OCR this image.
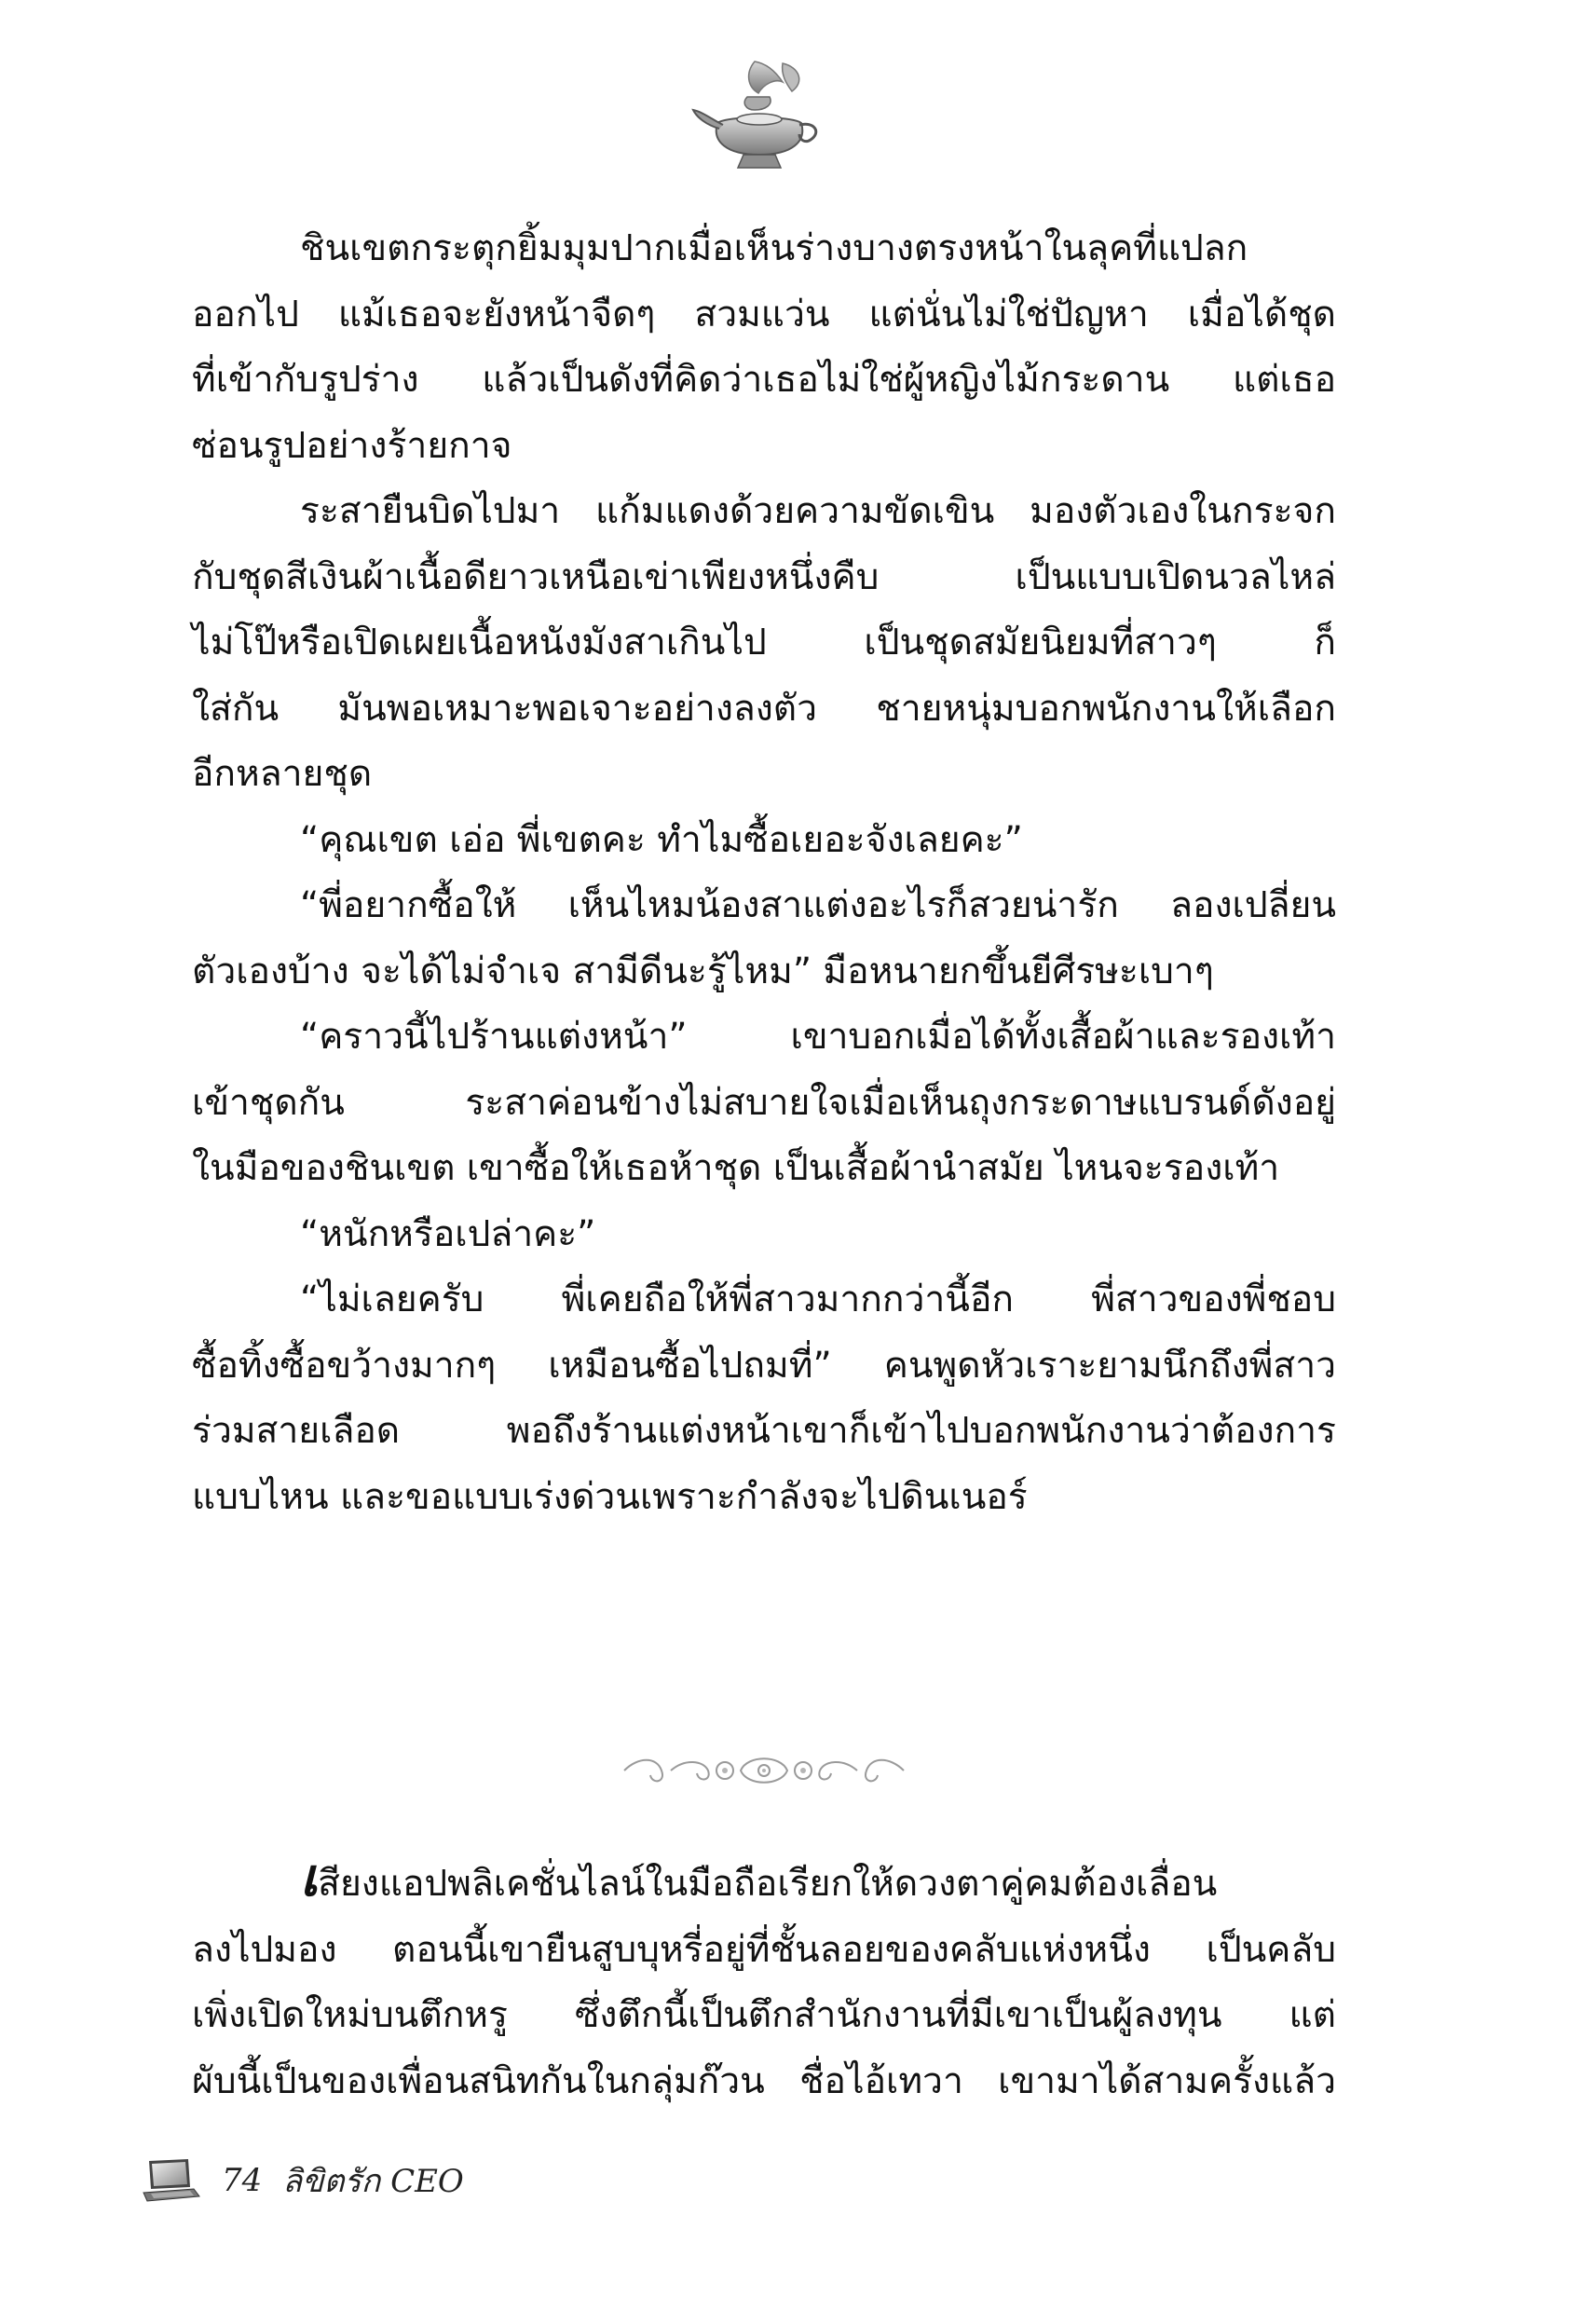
ชินเขตกระตุกยิ้มมุมปากเมื่อเห็นร่างบางตรงหน้าในลุคที่แปลก

ออกไป แม้เธอจะยังหน้าจืดๆ สวมแว่น แต่นั่นไม่ใช่ปัญหา เมื่อได้ชุด

ที่เข้ากับรูปร่าง แล้วเป็นดังที่คิดว่าเธอไม่ใช่ผู้หญิงไม้กระดาน แต่เธอ

ซ่อนรูปอย่างร้ายกาจ

ระสายืนบิดไปมา แก้มแดงด้วยความขัดเขิน มองตัวเองในกระจก

กับชุดสีเงินผ้าเนื้อดียาวเหนือเข่าเพียงหนึ่งคืบ เป็นแบบเปิดนวลไหล่

ไม่โป๊หรือเปิดเผยเนื้อหนังมังสาเกินไป เป็นชุดสมัยนิยมที่สาวๆ ก็

ใส่กัน มันพอเหมาะพอเจาะอย่างลงตัว ชายหนุ่มบอกพนักงานให้เลือก

อีกหลายชุด

“คุณเขต เอ่อ พี่เขตคะ ทำไมซื้อเยอะจังเลยคะ”

“พี่อยากซื้อให้ เห็นไหมน้องสาแต่งอะไรก็สวยน่ารัก ลองเปลี่ยน

ตัวเองบ้าง จะได้ไม่จำเจ สามีดีนะรู้ไหม” มือหนายกขึ้นยีศีรษะเบาๆ

“คราวนี้ไปร้านแต่งหน้า” เขาบอกเมื่อได้ทั้งเสื้อผ้าและรองเท้า

เข้าชุดกัน ระสาค่อนข้างไม่สบายใจเมื่อเห็นถุงกระดาษแบรนด์ดังอยู่

ในมือของชินเขต เขาซื้อให้เธอห้าชุด เป็นเสื้อผ้านำสมัย ไหนจะรองเท้า

“หนักหรือเปล่าคะ”

“ไม่เลยครับ พี่เคยถือให้พี่สาวมากกว่านี้อีก พี่สาวของพี่ชอบ

ซื้อทิ้งซื้อขว้างมากๆ เหมือนซื้อไปถมที่” คนพูดหัวเราะยามนึกถึงพี่สาว

ร่วมสายเลือด พอถึงร้านแต่งหน้าเขาก็เข้าไปบอกพนักงานว่าต้องการ

แบบไหน และขอแบบเร่งด่วนเพราะกำลังจะไปดินเนอร์

เสียงแอปพลิเคชั่นไลน์ในมือถือเรียกให้ดวงตาคู่คมต้องเลื่อน

ลงไปมอง ตอนนี้เขายืนสูบบุหรี่อยู่ที่ชั้นลอยของคลับแห่งหนึ่ง เป็นคลับ

เพิ่งเปิดใหม่บนตึกหรู ซึ่งตึกนี้เป็นตึกสำนักงานที่มีเขาเป็นผู้ลงทุน แต่

ผับนี้เป็นของเพื่อนสนิทกันในกลุ่มก๊วน ชื่อไอ้เทวา เขามาได้สามครั้งแล้ว

74 ลิขิตรัก CEO
